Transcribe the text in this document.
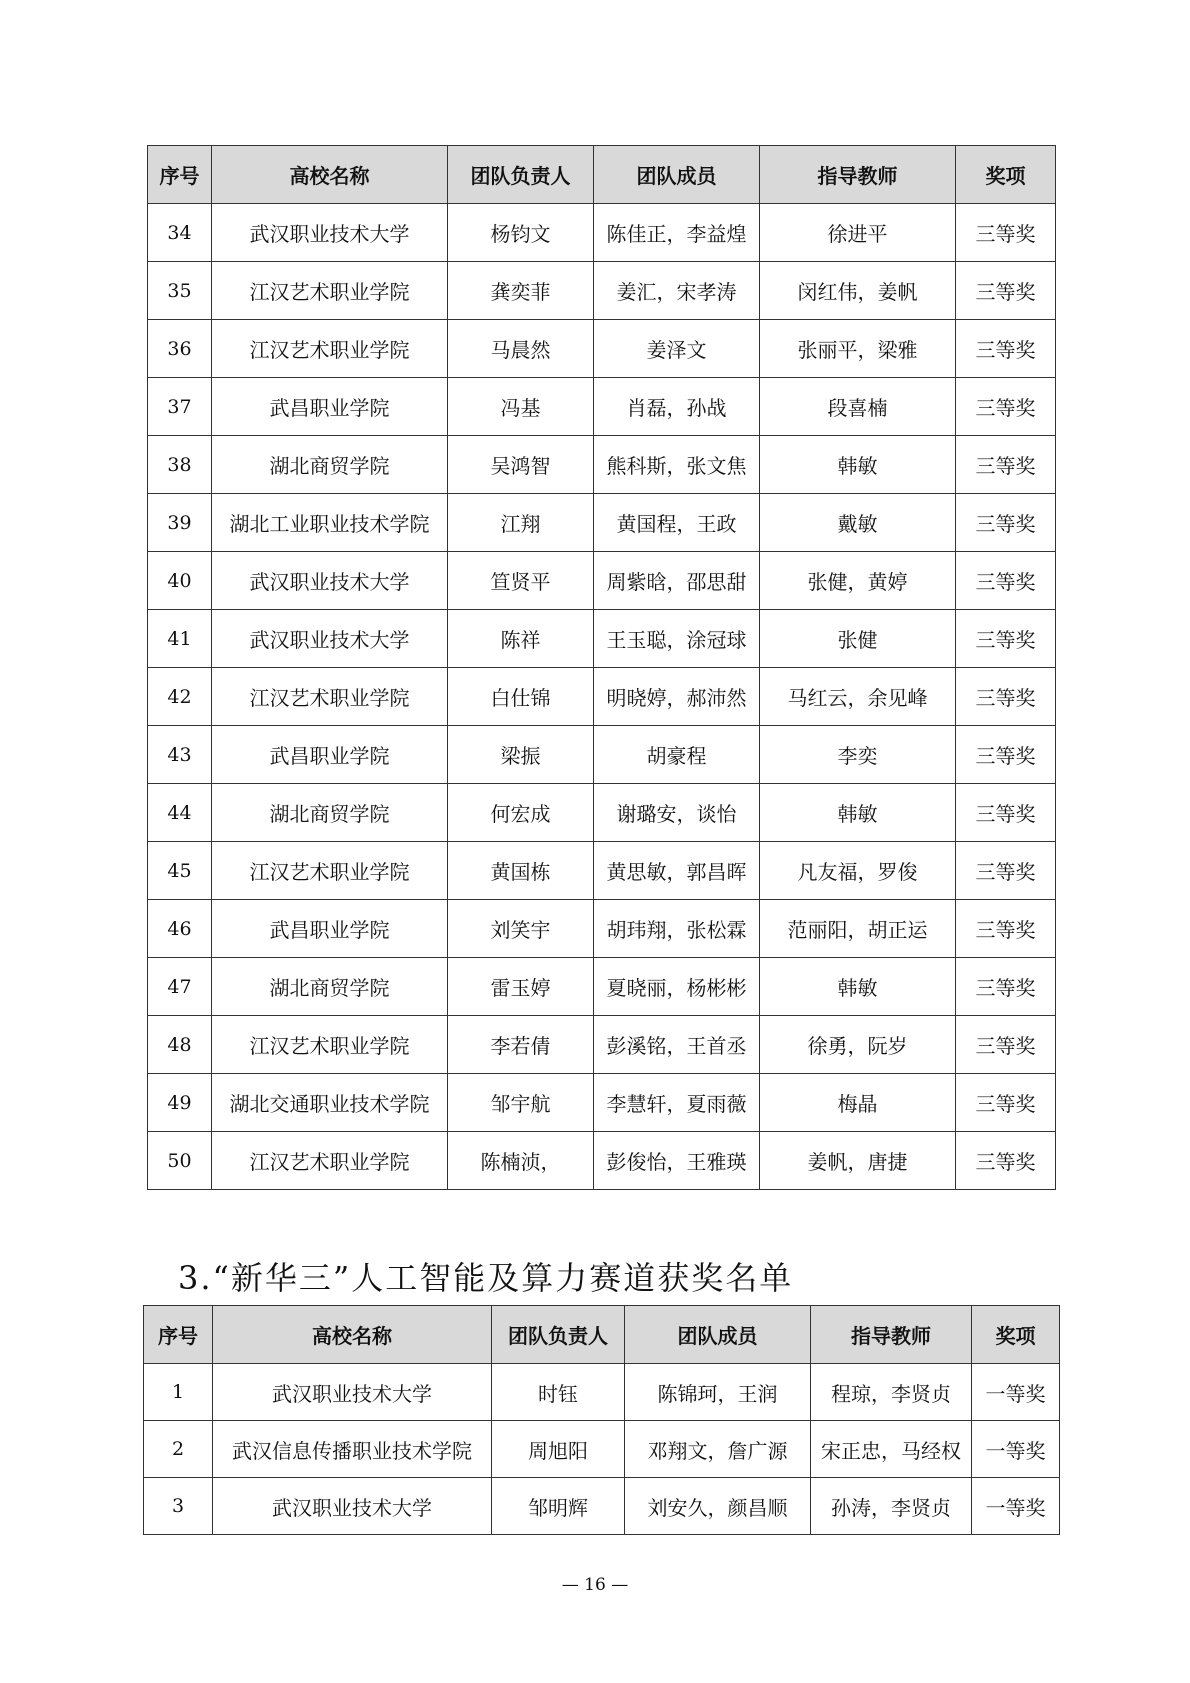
序号	高校名称	团队负责人	团队成员	指导教师	奖项
34	武汉职业技术大学	杨钧文	陈佳正，李益煌	徐进平	三等奖
35	江汉艺术职业学院	龚奕菲	姜汇，宋孝涛	闵红伟，姜帆	三等奖
36	江汉艺术职业学院	马晨然	姜泽文	张丽平，梁雅	三等奖
37	武昌职业学院	冯基	肖磊，孙战	段喜楠	三等奖
38	湖北商贸学院	吴鸿智	熊科斯，张文焦	韩敏	三等奖
39	湖北工业职业技术学院	江翔	黄国程，王政	戴敏	三等奖
40	武汉职业技术大学	笪贤平	周紫晗，邵思甜	张健，黄婷	三等奖
41	武汉职业技术大学	陈祥	王玉聪，涂冠球	张健	三等奖
42	江汉艺术职业学院	白仕锦	明晓婷，郝沛然	马红云，余见峰	三等奖
43	武昌职业学院	梁振	胡豪程	李奕	三等奖
44	湖北商贸学院	何宏成	谢璐安，谈怡	韩敏	三等奖
45	江汉艺术职业学院	黄国栋	黄思敏，郭昌晖	凡友福，罗俊	三等奖
46	武昌职业学院	刘笑宇	胡玮翔，张松霖	范丽阳，胡正运	三等奖
47	湖北商贸学院	雷玉婷	夏晓丽，杨彬彬	韩敏	三等奖
48	江汉艺术职业学院	李若倩	彭溪铭，王首丞	徐勇，阮岁	三等奖
49	湖北交通职业技术学院	邹宇航	李慧轩，夏雨薇	梅晶	三等奖
50	江汉艺术职业学院	陈楠浈，	彭俊怡，王雅瑛	姜帆，唐捷	三等奖
3.“新华三”人工智能及算力赛道获奖名单
序号	高校名称	团队负责人	团队成员	指导教师	奖项
1	武汉职业技术大学	时钰	陈锦珂，王润	程琼，李贤贞	一等奖
2	武汉信息传播职业技术学院	周旭阳	邓翔文，詹广源	宋正忠，马经权	一等奖
3	武汉职业技术大学	邹明辉	刘安久，颜昌顺	孙涛，李贤贞	一等奖
— 16 —
